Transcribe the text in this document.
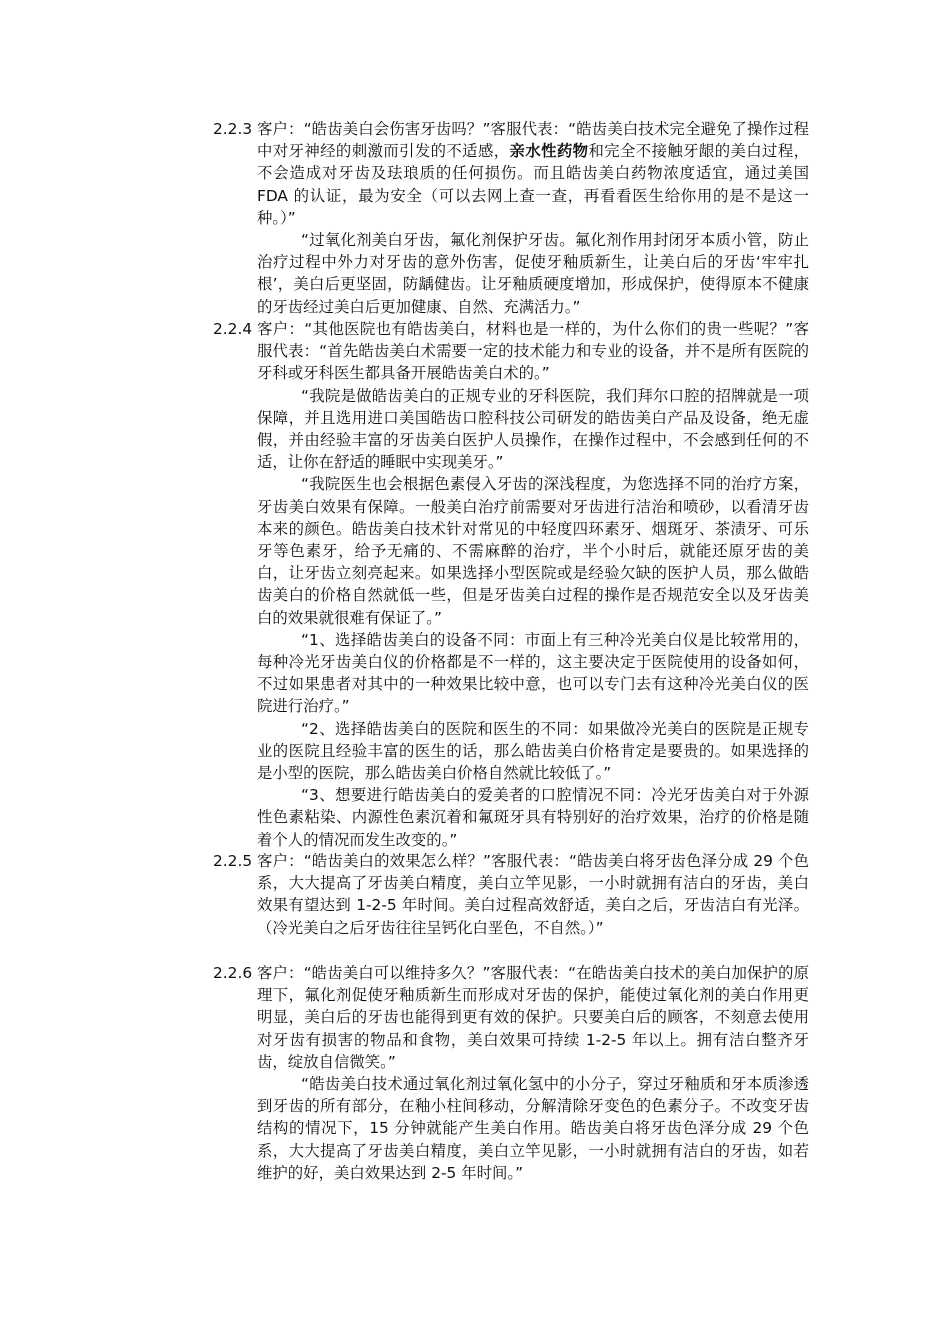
2.2.3 客户：“皓齿美白会伤害牙齿吗？”客服代表：“皓齿美白技术完全避免了操作过程中对牙神经的刺激而引发的不适感，亲水性药物和完全不接触牙龈的美白过程，不会造成对牙齿及珐琅质的任何损伤。而且皓齿美白药物浓度适宜，通过美国 FDA 的认证，最为安全（可以去网上查一查，再看看医生给你用的是不是这一种。）”

“过氧化剂美白牙齿，氟化剂保护牙齿。氟化剂作用封闭牙本质小管，防止治疗过程中外力对牙齿的意外伤害，促使牙釉质新生，让美白后的牙齿‘牢牢扎根’，美白后更坚固，防龋健齿。让牙釉质硬度增加，形成保护，使得原本不健康的牙齿经过美白后更加健康、自然、充满活力。”

2.2.4 客户：“其他医院也有皓齿美白，材料也是一样的，为什么你们的贵一些呢？”客服代表：“首先皓齿美白术需要一定的技术能力和专业的设备，并不是所有医院的牙科或牙科医生都具备开展皓齿美白术的。”

“我院是做皓齿美白的正规专业的牙科医院，我们拜尔口腔的招牌就是一项保障，并且选用进口美国皓齿口腔科技公司研发的皓齿美白产品及设备，绝无虚假，并由经验丰富的牙齿美白医护人员操作，在操作过程中，不会感到任何的不适，让你在舒适的睡眠中实现美牙。”

“我院医生也会根据色素侵入牙齿的深浅程度，为您选择不同的治疗方案，牙齿美白效果有保障。一般美白治疗前需要对牙齿进行洁治和喷砂，以看清牙齿本来的颜色。皓齿美白技术针对常见的中轻度四环素牙、烟斑牙、茶渍牙、可乐牙等色素牙，给予无痛的、不需麻醉的治疗，半个小时后，就能还原牙齿的美白，让牙齿立刻亮起来。如果选择小型医院或是经验欠缺的医护人员，那么做皓齿美白的价格自然就低一些，但是牙齿美白过程的操作是否规范安全以及牙齿美白的效果就很难有保证了。”

“1、选择皓齿美白的设备不同：市面上有三种冷光美白仪是比较常用的，每种冷光牙齿美白仪的价格都是不一样的，这主要决定于医院使用的设备如何，不过如果患者对其中的一种效果比较中意，也可以专门去有这种冷光美白仪的医院进行治疗。”

“2、选择皓齿美白的医院和医生的不同：如果做冷光美白的医院是正规专业的医院且经验丰富的医生的话，那么皓齿美白价格肯定是要贵的。如果选择的是小型的医院，那么皓齿美白价格自然就比较低了。”

“3、想要进行皓齿美白的爱美者的口腔情况不同：冷光牙齿美白对于外源性色素粘染、内源性色素沉着和氟斑牙具有特别好的治疗效果，治疗的价格是随着个人的情况而发生改变的。”

2.2.5 客户：“皓齿美白的效果怎么样？”客服代表：“皓齿美白将牙齿色泽分成 29 个色系，大大提高了牙齿美白精度，美白立竿见影，一小时就拥有洁白的牙齿，美白效果有望达到 1-2-5 年时间。美白过程高效舒适，美白之后，牙齿洁白有光泽。（冷光美白之后牙齿往往呈钙化白垩色，不自然。）”

2.2.6 客户：“皓齿美白可以维持多久？”客服代表：“在皓齿美白技术的美白加保护的原理下，氟化剂促使牙釉质新生而形成对牙齿的保护，能使过氧化剂的美白作用更明显，美白后的牙齿也能得到更有效的保护。只要美白后的顾客，不刻意去使用对牙齿有损害的物品和食物，美白效果可持续 1-2-5 年以上。拥有洁白整齐牙齿，绽放自信微笑。”

“皓齿美白技术通过氧化剂过氧化氢中的小分子，穿过牙釉质和牙本质渗透到牙齿的所有部分，在釉小柱间移动，分解清除牙变色的色素分子。不改变牙齿结构的情况下，15 分钟就能产生美白作用。皓齿美白将牙齿色泽分成 29 个色系，大大提高了牙齿美白精度，美白立竿见影，一小时就拥有洁白的牙齿，如若维护的好，美白效果达到 2-5 年时间。”
